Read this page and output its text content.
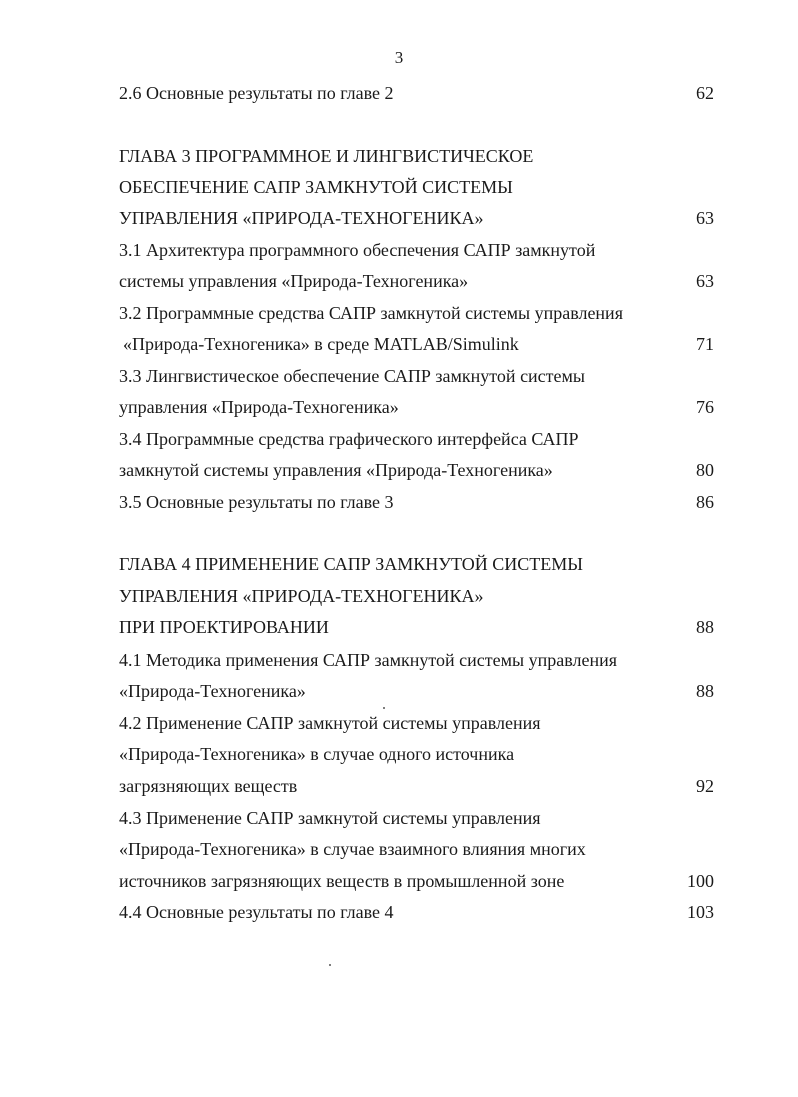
3
2.6 Основные результаты по главе 2	62
ГЛАВА 3 ПРОГРАММНОЕ И ЛИНГВИСТИЧЕСКОЕ
ОБЕСПЕЧЕНИЕ САПР ЗАМКНУТОЙ СИСТЕМЫ
УПРАВЛЕНИЯ «ПРИРОДА-ТЕХНОГЕНИКА»	63
3.1 Архитектура программного обеспечения САПР замкнутой
системы управления «Природа-Техногеника»	63
3.2 Программные средства САПР замкнутой системы управления
«Природа-Техногеника» в среде MATLAB/Simulink	71
3.3 Лингвистическое обеспечение САПР замкнутой системы
управления «Природа-Техногеника»	76
3.4 Программные средства графического интерфейса САПР
замкнутой системы управления «Природа-Техногеника»	80
3.5 Основные результаты по главе 3	86
ГЛАВА 4 ПРИМЕНЕНИЕ САПР ЗАМКНУТОЙ СИСТЕМЫ
УПРАВЛЕНИЯ «ПРИРОДА-ТЕХНОГЕНИКА»
ПРИ ПРОЕКТИРОВАНИИ	88
4.1 Методика применения САПР замкнутой системы управления
«Природа-Техногеника»	88
4.2 Применение САПР замкнутой системы управления
«Природа-Техногеника» в случае одного источника
загрязняющих веществ	92
4.3 Применение САПР замкнутой системы управления
«Природа-Техногеника» в случае взаимного влияния многих
источников загрязняющих веществ в промышленной зоне	100
4.4 Основные результаты по главе 4	103
